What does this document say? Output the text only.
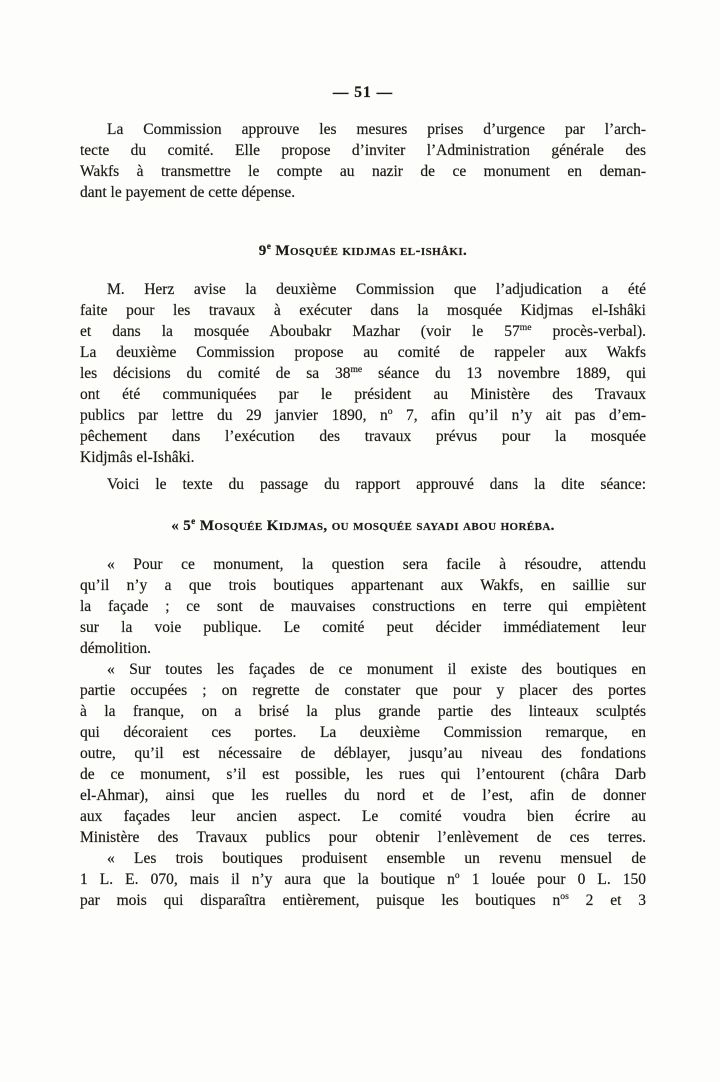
— 51 —
La Commission approuve les mesures prises d’urgence par l’arch-
tecte du comité. Elle propose d’inviter l’Administration générale des
Wakfs à transmettre le compte au nazir de ce monument en deman-
dant le payement de cette dépense.
9e Mosquée kidjmas el-ishâki.
M. Herz avise la deuxième Commission que l’adjudication a été
faite pour les travaux à exécuter dans la mosquée Kidjmas el-Ishâki
et dans la mosquée Aboubakr Mazhar (voir le $57^{me}$ procès-verbal).
La deuxième Commission propose au comité de rappeler aux Wakfs
les décisions du comité de sa $38^{me}$ séance du 13 novembre 1889, qui
ont été communiquées par le président au Ministère des Travaux
publics par lettre du 29 janvier 1890, $n^o$ 7, afin qu’il n’y ait pas d’em-
pêchement dans l’exécution des travaux prévus pour la mosquée
Kidjmâs el-Ishâki.
Voici le texte du passage du rapport approuvé dans la dite séance:
« 5e Mosquée Kidjmas, ou mosquée sayadi abou horéba.
« Pour ce monument, la question sera facile à résoudre, attendu
qu’il n’y a que trois boutiques appartenant aux Wakfs, en saillie sur
la façade ; ce sont de mauvaises constructions en terre qui empiètent
sur la voie publique. Le comité peut décider immédiatement leur
démolition.
« Sur toutes les façades de ce monument il existe des boutiques en
partie occupées ; on regrette de constater que pour y placer des portes
à la franque, on a brisé la plus grande partie des linteaux sculptés
qui décoraient ces portes. La deuxième Commission remarque, en
outre, qu’il est nécessaire de déblayer, jusqu’au niveau des fondations
de ce monument, s’il est possible, les rues qui l’entourent (châra Darb
el-Ahmar), ainsi que les ruelles du nord et de l’est, afin de donner
aux façades leur ancien aspect. Le comité voudra bien écrire au
Ministère des Travaux publics pour obtenir l’enlèvement de ces terres.
« Les trois boutiques produisent ensemble un revenu mensuel de
1 L. E. 070, mais il n’y aura que la boutique $n^o$ 1 louée pour 0 L. 150
par mois qui disparaîtra entièrement, puisque les boutiques $n^{os}$ 2 et 3
